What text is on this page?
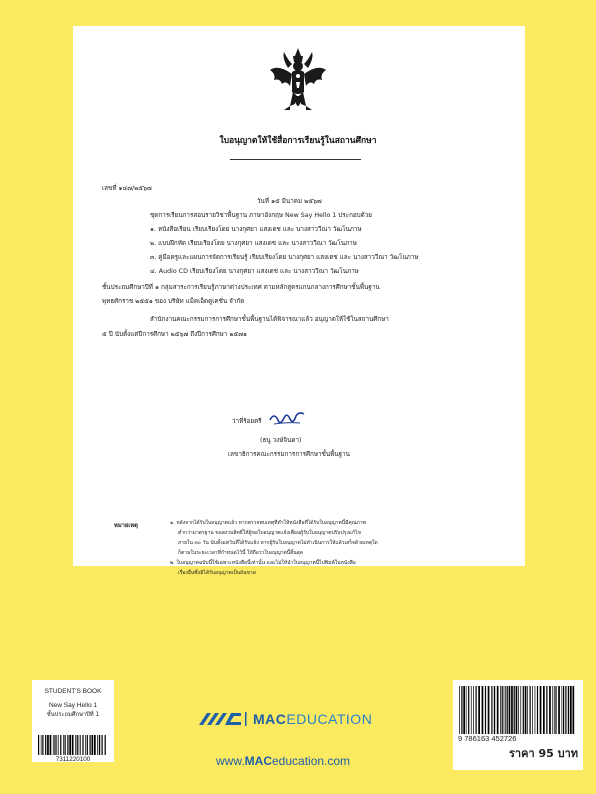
ใบอนุญาตให้ใช้สื่อการเรียนรู้ในสถานศึกษา
เลขที่ ๑๔๗/๒๕๖๗
วันที่ ๑๕ มีนาคม ๒๕๖๗
ชุดการเรียนการสอนรายวิชาพื้นฐาน ภาษาอังกฤษ New Say Hello 1 ประกอบด้วย
๑. หนังสือเรียน เรียบเรียงโดย นางกุศยา แสงเดช และ นางสาววีณา วัฒโนภาษ
๒. แบบฝึกหัด เรียบเรียงโดย นางกุศยา แสงเดช และ นางสาววีณา วัฒโนภาษ
๓. คู่มือครูและแผนการจัดการเรียนรู้ เรียบเรียงโดย นางกุศยา แสงเดช และ นางสาววีณา วัฒโนภาษ
๔. Audio CD เรียบเรียงโดย นางกุศยา แสงเดช และ นางสาววีณา วัฒโนภาษ
ชั้นประถมศึกษาปีที่ ๑ กลุ่มสาระการเรียนรู้ภาษาต่างประเทศ ตามหลักสูตรแกนกลางการศึกษาขั้นพื้นฐาน
พุทธศักราช ๒๕๕๑ ของ บริษัท แม็คเอ็ดดูเคชั่น จำกัด
สำนักงานคณะกรรมการการศึกษาขั้นพื้นฐานได้พิจารณาแล้ว อนุญาตให้ใช้ในสถานศึกษา
๕ ปี นับตั้งแต่ปีการศึกษา ๒๕๖๗ ถึงปีการศึกษา ๒๕๗๑
ว่าที่ร้อยตรี
(ธนู วงษ์จินดา)
เลขาธิการคณะกรรมการการศึกษาขั้นพื้นฐาน
หมายเหตุ	๑. หลังจากได้รับใบอนุญาตแล้ว หากตรวจพบเหตุที่ทำให้หนังสือที่ได้รับใบอนุญาตนี้มีคุณภาพ
ต่ำกว่ามาตรฐาน ขอสงวนสิทธิ์ให้ผู้ขอใบอนุญาตแจ้งเพื่อนผู้รับใบอนุญาตปรับปรุงแก้ไข
ภายใน ๓๐ วัน นับตั้งแต่วันที่ได้รับแจ้ง หากผู้รับใบอนุญาตไม่ดำเนินการให้แล้วเสร็จด้วยเหตุใด
ก็ตามในระยะเวลาที่กำหนดไว้นี้ ให้ถือว่าใบอนุญาตนี้สิ้นสุด
๒. ใบอนุญาตฉบับนี้ใช้เฉพาะหนังสือนี้เท่านั้น และไม่ให้นำใบอนุญาตนี้ไปพิมพ์ในหนังสือ
เรื่องอื่นซึ่งมิได้รับอนุญาตเป็นอันขาด
STUDENT'S BOOK
New Say Hello 1
ชั้นประถมศึกษาปีที่ 1
7311220100
MACEDUCATION
www.MACeducation.com
9 786163 452726
ราคา 95 บาท
